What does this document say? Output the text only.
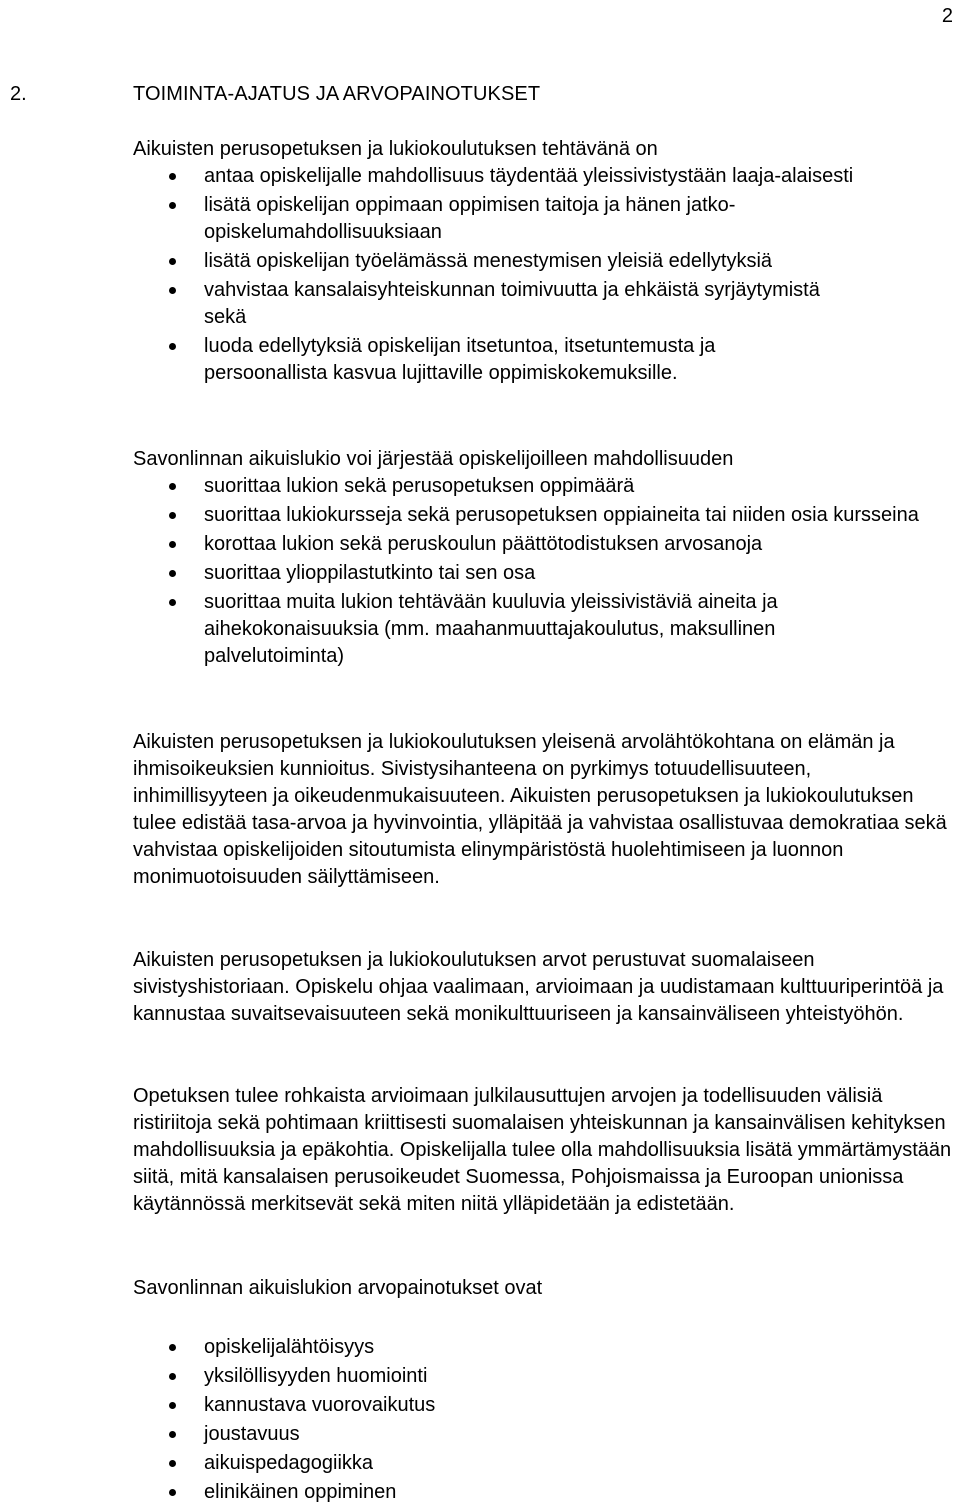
2
2.	TOIMINTA-AJATUS JA ARVOPAINOTUKSET

Aikuisten perusopetuksen ja lukiokoulutuksen tehtävänä on

antaa opiskelijalle mahdollisuus täydentää yleissivistystään laaja-alaisesti
lisätä opiskelijan oppimaan oppimisen taitoja ja hänen jatko-opiskelumahdollisuuksiaan
lisätä opiskelijan työelämässä menestymisen yleisiä edellytyksiä
vahvistaa kansalaisyhteiskunnan toimivuutta ja ehkäistä syrjäytymistä sekä
luoda edellytyksiä opiskelijan itsetuntoa, itsetuntemusta ja persoonallista kasvua lujittaville oppimiskokemuksille.

Savonlinnan aikuislukio voi järjestää opiskelijoilleen mahdollisuuden

suorittaa lukion sekä perusopetuksen oppimäärä
suorittaa lukiokursseja sekä perusopetuksen oppiaineita tai niiden osia kursseina
korottaa lukion sekä peruskoulun päättötodistuksen arvosanoja
suorittaa ylioppilastutkinto tai sen osa
suorittaa muita lukion tehtävään kuuluvia yleissivistäviä aineita ja aihekokonaisuuksia (mm. maahanmuuttajakoulutus, maksullinen palvelutoiminta)

Aikuisten perusopetuksen ja lukiokoulutuksen yleisenä arvolähtökohtana on elämän ja ihmisoikeuksien kunnioitus. Sivistysihanteena on pyrkimys totuudellisuuteen, inhimillisyyteen ja oikeudenmukaisuuteen. Aikuisten perusopetuksen ja lukiokoulutuksen tulee edistää tasa-arvoa ja hyvinvointia, ylläpitää ja vahvistaa osallistuvaa demokratiaa sekä vahvistaa opiskelijoiden sitoutumista elinympäristöstä huolehtimiseen ja luonnon monimuotoisuuden säilyttämiseen.

Aikuisten perusopetuksen ja lukiokoulutuksen arvot perustuvat suomalaiseen sivistyshistoriaan. Opiskelu ohjaa vaalimaan, arvioimaan ja uudistamaan kulttuuriperintöä ja kannustaa suvaitsevaisuuteen sekä monikulttuuriseen ja kansainväliseen yhteistyöhön.

Opetuksen tulee rohkaista arvioimaan julkilausuttujen arvojen ja todellisuuden välisiä ristiriitoja sekä pohtimaan kriittisesti suomalaisen yhteiskunnan ja kansainvälisen kehityksen mahdollisuuksia ja epäkohtia. Opiskelijalla tulee olla mahdollisuuksia lisätä ymmärtämystään siitä, mitä kansalaisen perusoikeudet Suomessa, Pohjoismaissa ja Euroopan unionissa käytännössä merkitsevät sekä miten niitä ylläpidetään ja edistetään.

Savonlinnan aikuislukion arvopainotukset ovat

opiskelijalähtöisyys
yksilöllisyyden huomiointi
kannustava vuorovaikutus
joustavuus
aikuispedagogiikka
elinikäinen oppiminen
